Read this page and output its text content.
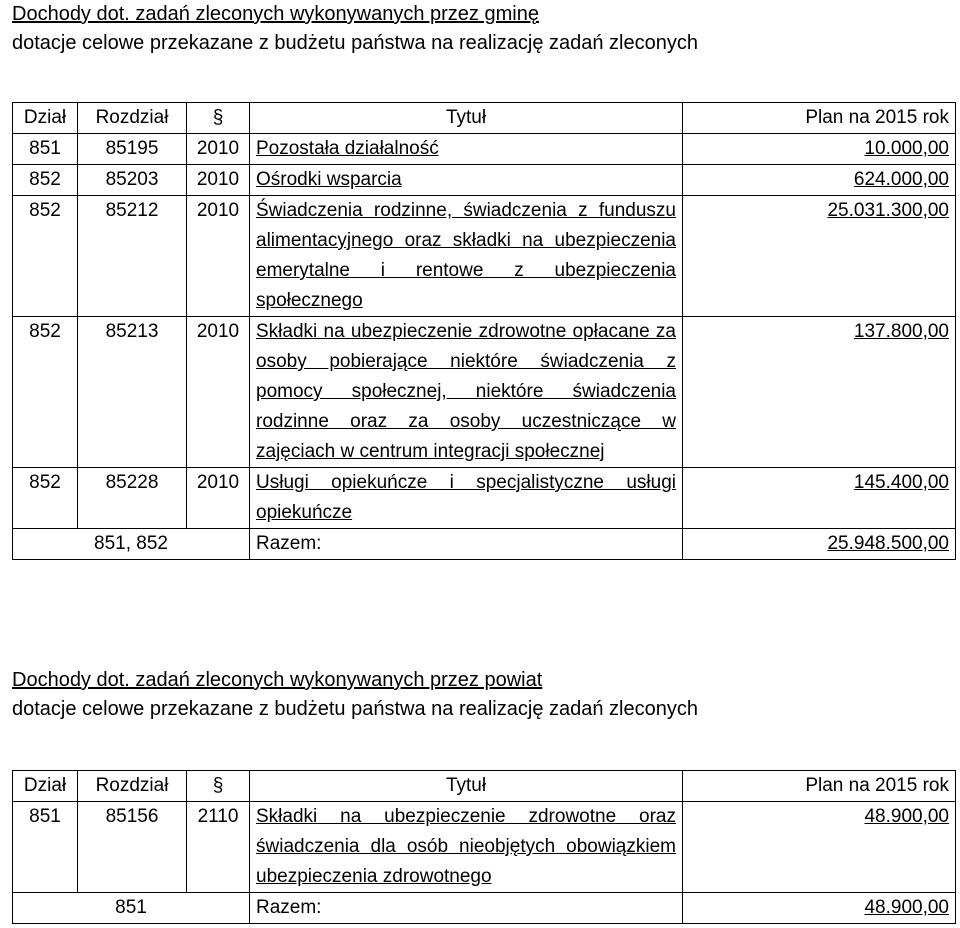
Dochody dot. zadań zleconych wykonywanych przez gminę
dotacje celowe przekazane z budżetu państwa na realizację zadań zleconych
Dział	Rozdział	§	Tytuł	Plan na 2015 rok
851	85195	2010	Pozostała działalność	10.000,00
852	85203	2010	Ośrodki wsparcia	624.000,00
852	85212	2010	Świadczenia rodzinne, świadczenia z funduszu alimentacyjnego oraz składki na ubezpieczenia emerytalne i rentowe z ubezpieczenia społecznego	25.031.300,00
852	85213	2010	Składki na ubezpieczenie zdrowotne opłacane za osoby pobierające niektóre świadczenia z pomocy społecznej, niektóre świadczenia rodzinne oraz za osoby uczestniczące w zajęciach w centrum integracji społecznej	137.800,00
852	85228	2010	Usługi opiekuńcze i specjalistyczne usługi opiekuńcze	145.400,00
851, 852			Razem:	25.948.500,00
Dochody dot. zadań zleconych wykonywanych przez powiat
dotacje celowe przekazane z budżetu państwa na realizację zadań zleconych
Dział	Rozdział	§	Tytuł	Plan na 2015 rok
851	85156	2110	Składki na ubezpieczenie zdrowotne oraz świadczenia dla osób nieobjętych obowiązkiem ubezpieczenia zdrowotnego	48.900,00
851			Razem:	48.900,00
